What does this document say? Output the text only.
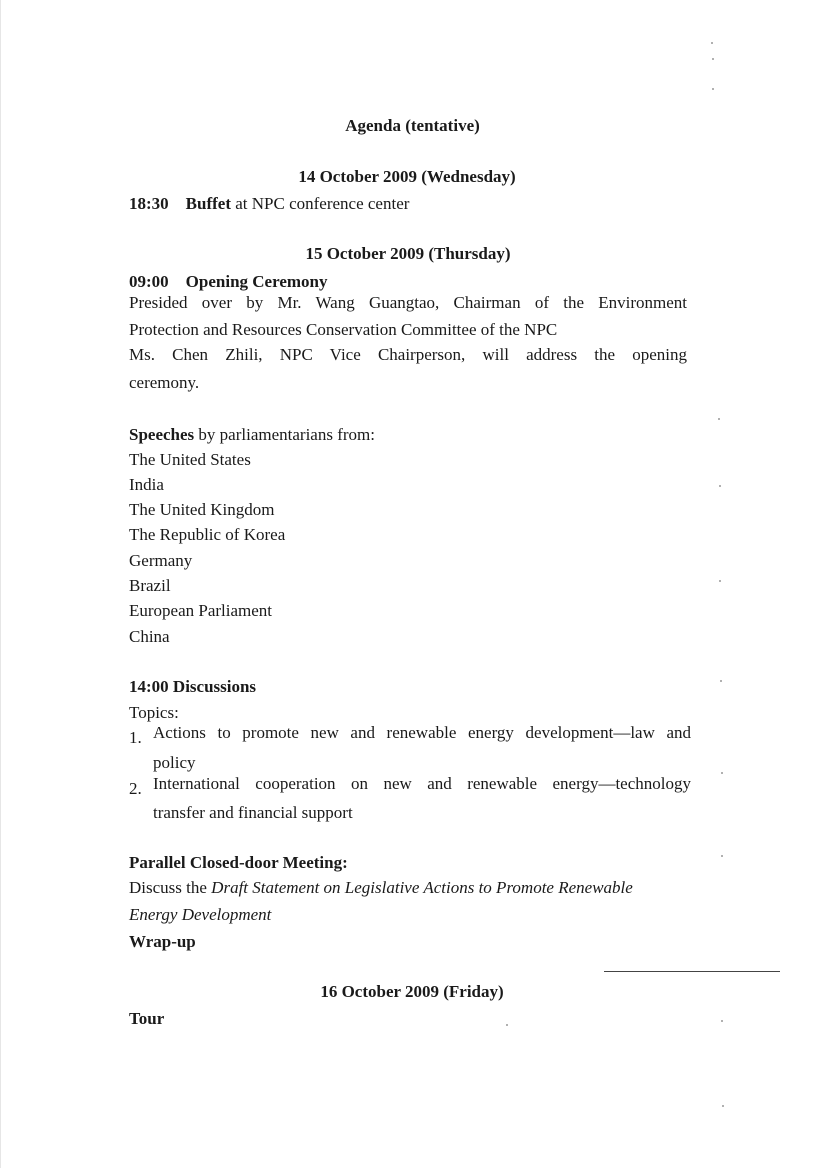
Agenda (tentative)
14 October 2009 (Wednesday)
18:30 Buffet at NPC conference center
15 October 2009 (Thursday)
09:00 Opening Ceremony
Presided over by Mr. Wang Guangtao, Chairman of the Environment
Protection and Resources Conservation Committee of the NPC
Ms. Chen Zhili, NPC Vice Chairperson, will address the opening
ceremony.
Speeches by parliamentarians from:
The United States
India
The United Kingdom
The Republic of Korea
Germany
Brazil
European Parliament
China
14:00 Discussions
Topics:
1. Actions to promote new and renewable energy development—law and
policy
2. International cooperation on new and renewable energy—technology
transfer and financial support
Parallel Closed-door Meeting:
Discuss the Draft Statement on Legislative Actions to Promote Renewable
Energy Development
Wrap-up
16 October 2009 (Friday)
Tour
